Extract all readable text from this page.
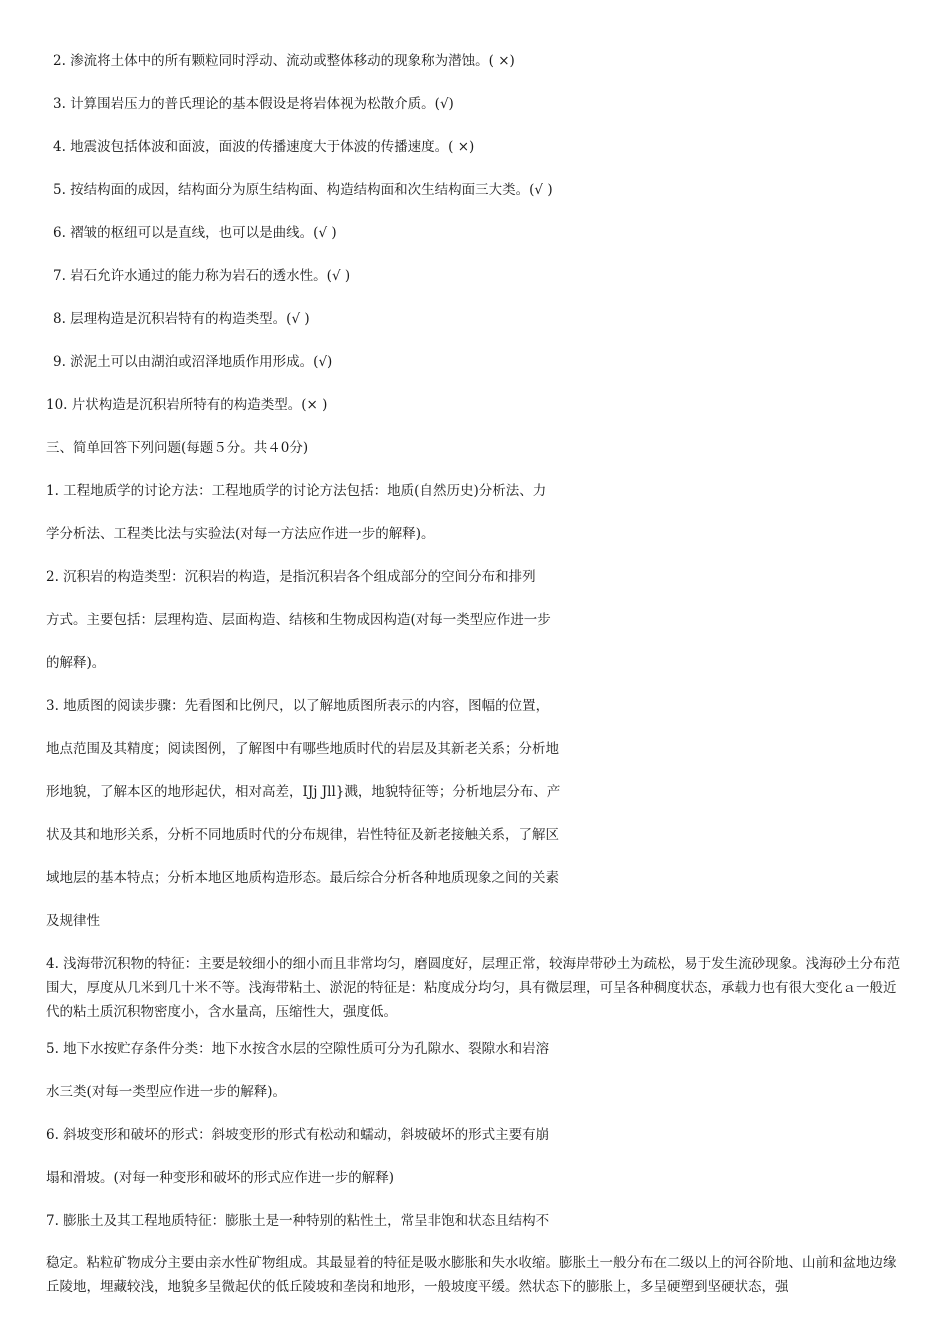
2. 渗流将土体中的所有颗粒同时浮动、流动或整体移动的现象称为潜蚀。( ×)
3. 计算围岩压力的普氏理论的基本假设是将岩体视为松散介质。(√)
4. 地震波包括体波和面波，面波的传播速度大于体波的传播速度。( ×)
5. 按结构面的成因，结构面分为原生结构面、构造结构面和次生结构面三大类。(√ )
6. 褶皱的枢纽可以是直线，也可以是曲线。(√ )
7. 岩石允许水通过的能力称为岩石的透水性。(√ )
8. 层理构造是沉积岩特有的构造类型。(√ )
9. 淤泥土可以由湖泊或沼泽地质作用形成。(√)
10. 片状构造是沉积岩所特有的构造类型。(× )
三、简单回答下列问题(每题５分。共４0分)
1. 工程地质学的讨论方法：工程地质学的讨论方法包括：地质(自然历史)分析法、力
学分析法、工程类比法与实验法(对每一方法应作进一步的解释)。
2. 沉积岩的构造类型：沉积岩的构造，是指沉积岩各个组成部分的空间分布和排列
方式。主要包括：层理构造、层面构造、结核和生物成因构造(对每一类型应作进一步
的解释)。
3. 地质图的阅读步骤：先看图和比例尺，以了解地质图所表示的内容，图幅的位置，
地点范围及其精度；阅读图例，了解图中有哪些地质时代的岩层及其新老关系；分析地
形地貌，了解本区的地形起伏，相对高差，IJj Jll}溅，地貌特征等；分析地层分布、产
状及其和地形关系，分析不同地质时代的分布规律，岩性特征及新老接触关系，了解区
域地层的基本特点；分析本地区地质构造形态。最后综合分析各种地质现象之间的关素
及规律性
4. 浅海带沉积物的特征：主要是较细小的细小而且非常均匀，磨圆度好，层理正常，较海岸带砂土为疏松，易于发生流砂现象。浅海砂土分布范围大，厚度从几米到几十米不等。浅海带粘土、淤泥的特征是：粘度成分均匀，具有微层理，可呈各种稠度状态，承载力也有很大变化ａ一般近代的粘土质沉积物密度小，含水量高，压缩性大，强度低。
5. 地下水按贮存条件分类：地下水按含水层的空隙性质可分为孔隙水、裂隙水和岩溶
水三类(对每一类型应作进一步的解释)。
6. 斜坡变形和破坏的形式：斜坡变形的形式有松动和蠕动，斜坡破坏的形式主要有崩
塌和滑坡。(对每一种变形和破坏的形式应作进一步的解释)
7. 膨胀土及其工程地质特征：膨胀土是一种特别的粘性土，常呈非饱和状态且结构不
稳定。粘粒矿物成分主要由亲水性矿物组成。其最显着的特征是吸水膨胀和失水收缩。膨胀土一般分布在二级以上的河谷阶地、山前和盆地边缘丘陵地，埋藏较浅，地貌多呈微起伏的低丘陵坡和垄岗和地形，一般坡度平缓。然状态下的膨胀上，多呈硬塑到坚硬状态，强
